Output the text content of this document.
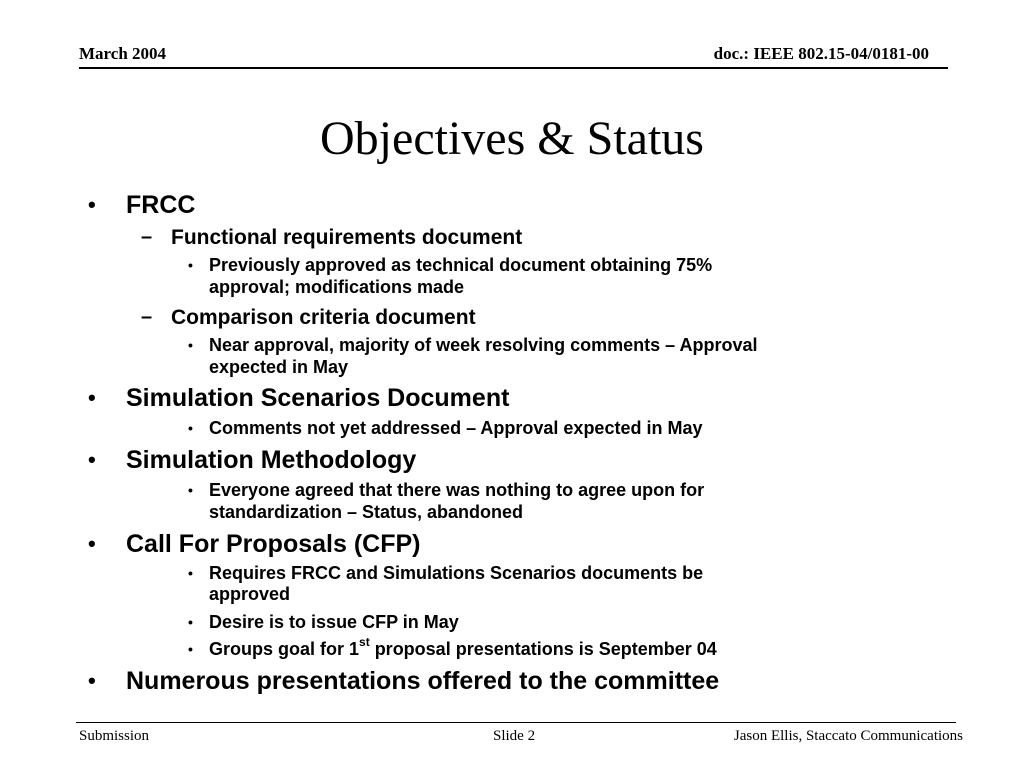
March 2004	doc.: IEEE 802.15-04/0181-00
Objectives & Status
• FRCC
– Functional requirements document
• Previously approved as technical document obtaining 75%
approval; modifications made
– Comparison criteria document
• Near approval, majority of week resolving comments – Approval
expected in May
• Simulation Scenarios Document
• Comments not yet addressed – Approval expected in May
• Simulation Methodology
• Everyone agreed that there was nothing to agree upon for
standardization – Status, abandoned
• Call For Proposals (CFP)
• Requires FRCC and Simulations Scenarios documents be
approved
• Desire is to issue CFP in May
• Groups goal for 1st proposal presentations is September 04
• Numerous presentations offered to the committee
Submission	Slide 2	Jason Ellis, Staccato Communications
